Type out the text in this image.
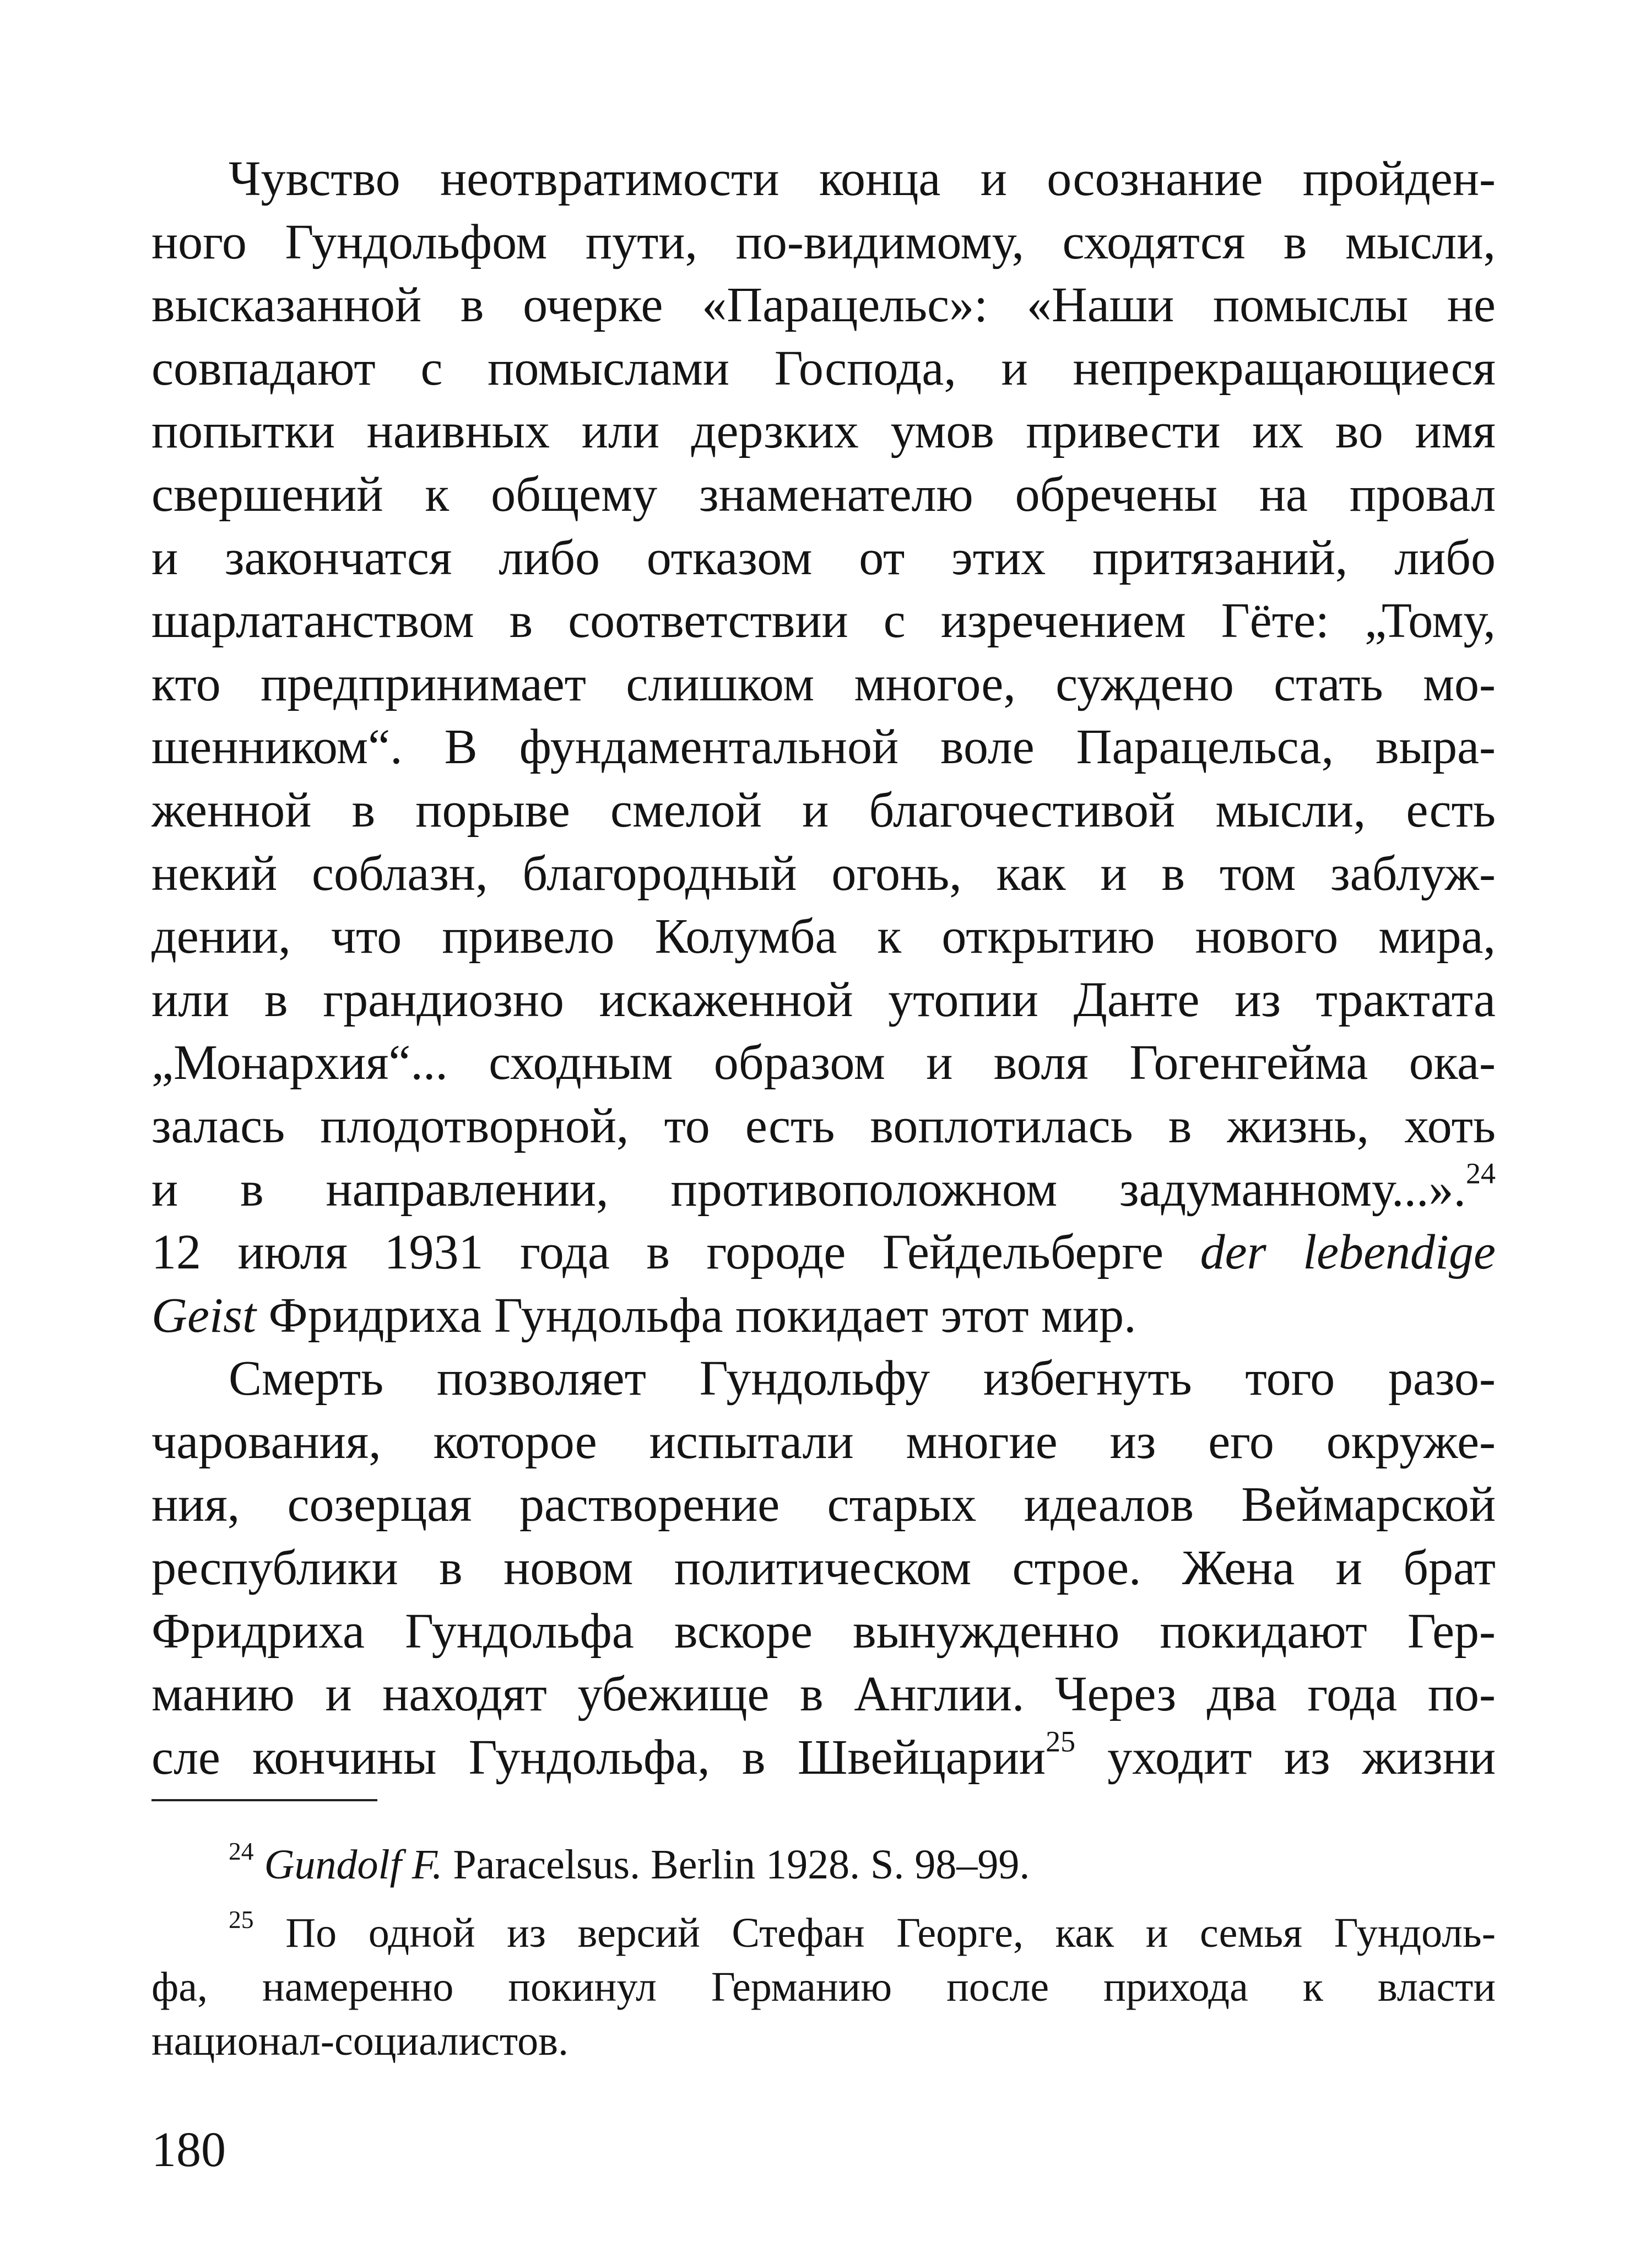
Чувство неотвратимости конца и осознание пройден-
ного Гундольфом пути, по-видимому, сходятся в мысли,
высказанной в очерке «Парацельс»: «Наши помыслы не
совпадают с помыслами Господа, и непрекращающиеся
попытки наивных или дерзких умов привести их во имя
свершений к общему знаменателю обречены на провал
и закончатся либо отказом от этих притязаний, либо
шарлатанством в соответствии с изречением Гёте: „Тому,
кто предпринимает слишком многое, суждено стать мо-
шенником“. В фундаментальной воле Парацельса, выра-
женной в порыве смелой и благочестивой мысли, есть
некий соблазн, благородный огонь, как и в том заблуж-
дении, что привело Колумба к открытию нового мира,
или в грандиозно искаженной утопии Данте из трактата
„Монархия“... сходным образом и воля Гогенгейма ока-
залась плодотворной, то есть воплотилась в жизнь, хоть
и в направлении, противоположном задуманному...».$^{24}$
12 июля 1931 года в городе Гейдельберге der lebendige
Geist Фридриха Гундольфа покидает этот мир.
Смерть позволяет Гундольфу избегнуть того разо-
чарования, которое испытали многие из его окруже-
ния, созерцая растворение старых идеалов Веймарской
республики в новом политическом строе. Жена и брат
Фридриха Гундольфа вскоре вынужденно покидают Гер-
манию и находят убежище в Англии. Через два года по-
сле кончины Гундольфа, в Швейцарии$^{25}$ уходит из жизни
$^{24}$ Gundolf F. Paracelsus. Berlin 1928. S. 98–99.
$^{25}$ По одной из версий Стефан Георге, как и семья Гундоль-
фа, намеренно покинул Германию после прихода к власти
национал-социалистов.
180
